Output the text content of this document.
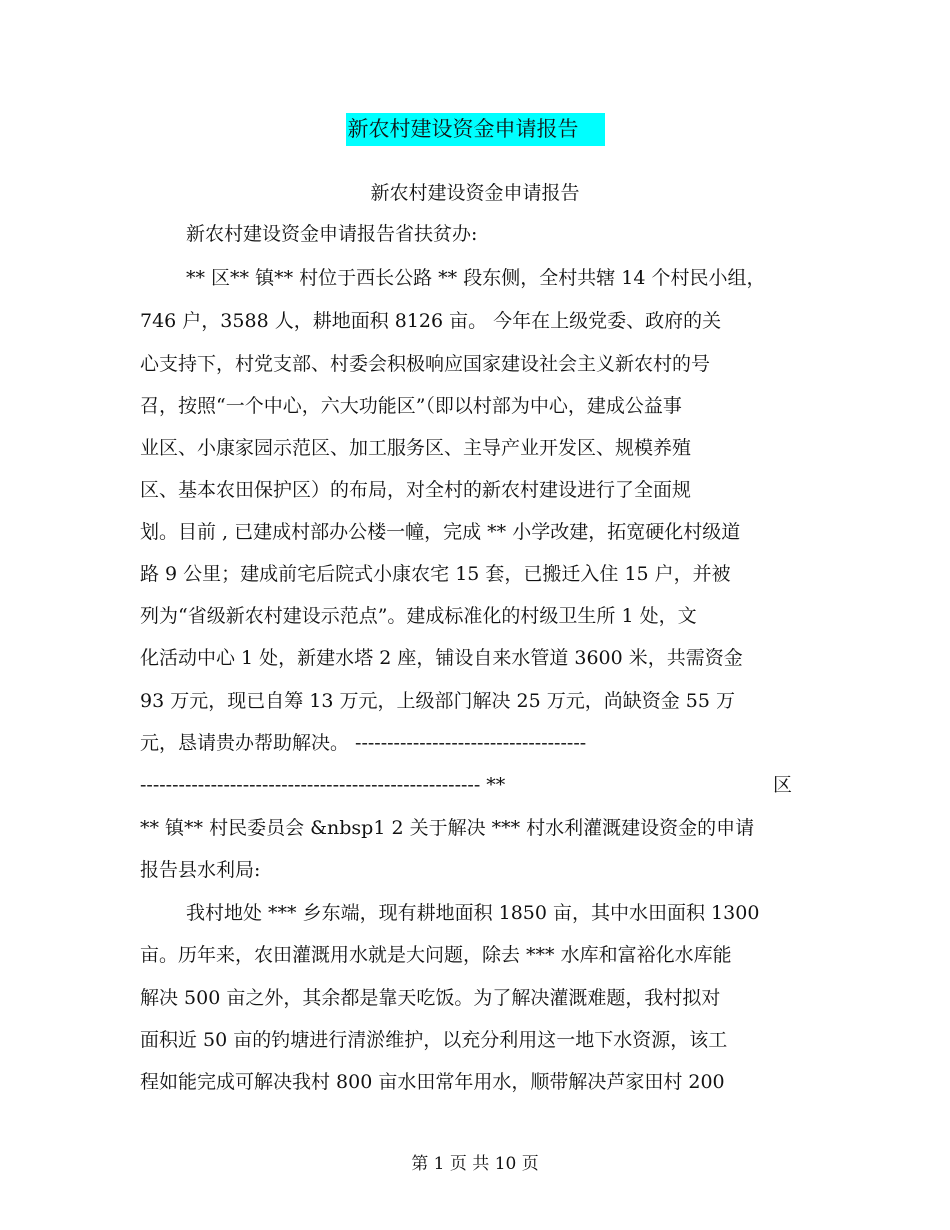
新农村建设资金申请报告
新农村建设资金申请报告
新农村建设资金申请报告省扶贫办:
** 区** 镇** 村位于西长公路 ** 段东侧，全村共辖 14 个村民小组，
746 户，3588 人，耕地面积 8126 亩。 今年在上级党委、政府的关
心支持下，村党支部、村委会积极响应国家建设社会主义新农村的号
召，按照“一个中心，六大功能区”（即以村部为中心，建成公益事
业区、小康家园示范区、加工服务区、主导产业开发区、规模养殖
区、基本农田保护区）的布局，对全村的新农村建设进行了全面规
划。目前 , 已建成村部办公楼一幢，完成 ** 小学改建，拓宽硬化村级道
路 9 公里；建成前宅后院式小康农宅 15 套，已搬迁入住 15 户，并被
列为“省级新农村建设示范点”。建成标准化的村级卫生所 1 处，文
化活动中心 1 处，新建水塔 2 座，铺设自来水管道 3600 米，共需资金
93 万元，现已自筹 13 万元，上级部门解决 25 万元，尚缺资金 55 万
元，恳请贵办帮助解决。 ------------------------------------
----------------------------------------------------- **	区
** 镇** 村民委员会 &nbsp1 2 关于解决 *** 村水利灌溉建设资金的申请
报告县水利局:
我村地处 *** 乡东端，现有耕地面积 1850 亩，其中水田面积 1300
亩。历年来，农田灌溉用水就是大问题，除去 *** 水库和富裕化水库能
解决 500 亩之外，其余都是靠天吃饭。为了解决灌溉难题，我村拟对
面积近 50 亩的钓塘进行清淤维护，以充分利用这一地下水资源，该工
程如能完成可解决我村 800 亩水田常年用水，顺带解决芦家田村 200
第 1 页 共 10 页
